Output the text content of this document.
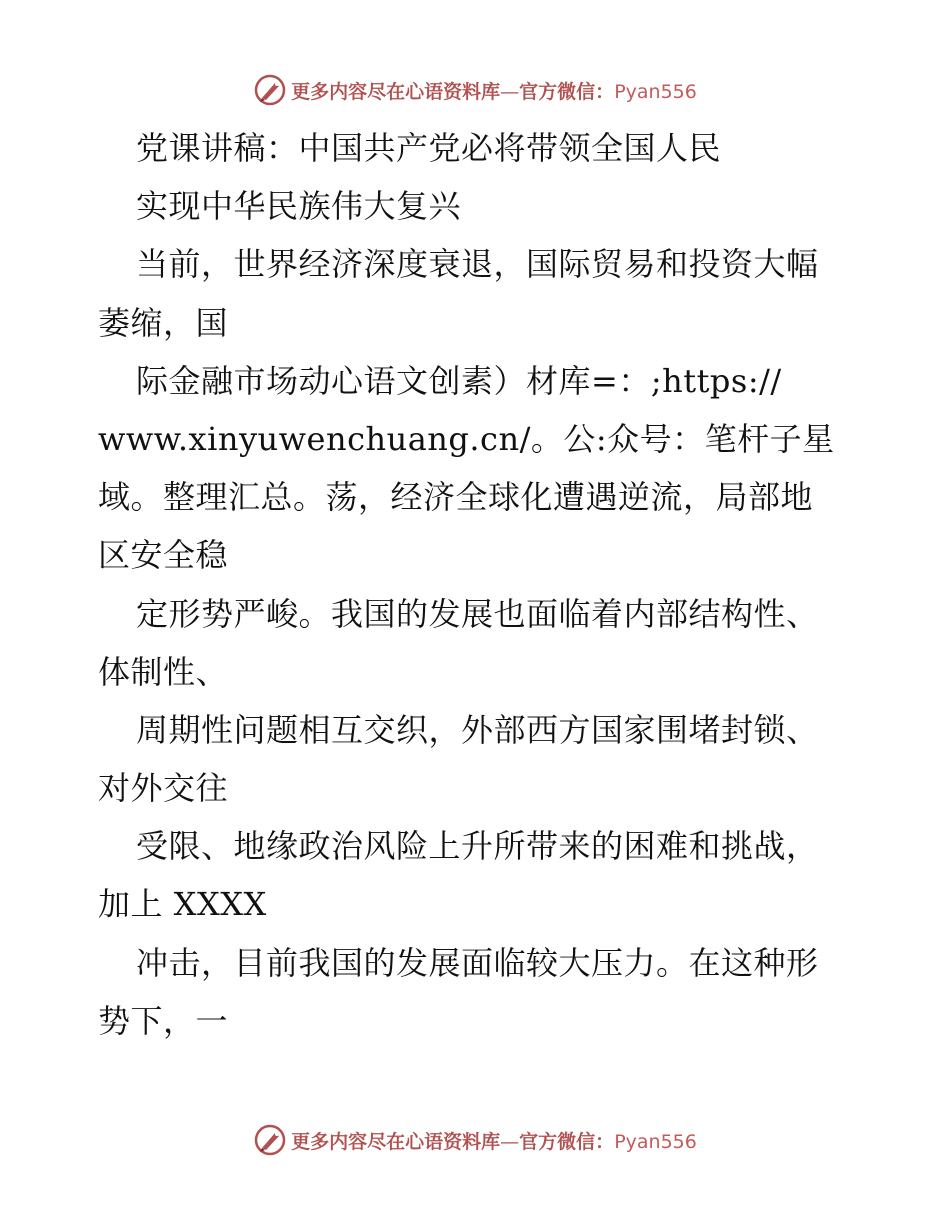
更多内容尽在心语资料库—官方微信：Pyan556
党课讲稿：中国共产党必将带领全国人民
实现中华民族伟大复兴
当前，世界经济深度衰退，国际贸易和投资大幅
萎缩，国
际金融市场动心语文创素）材库=：;https://
www.xinyuwenchuang.cn/。公:众号：笔杆子星
域。整理汇总。荡，经济全球化遭遇逆流，局部地
区安全稳
定形势严峻。我国的发展也面临着内部结构性、
体制性、
周期性问题相互交织，外部西方国家围堵封锁、
对外交往
受限、地缘政治风险上升所带来的困难和挑战，
加上 XXXX
冲击，目前我国的发展面临较大压力。在这种形
势下，一
更多内容尽在心语资料库—官方微信：Pyan556
